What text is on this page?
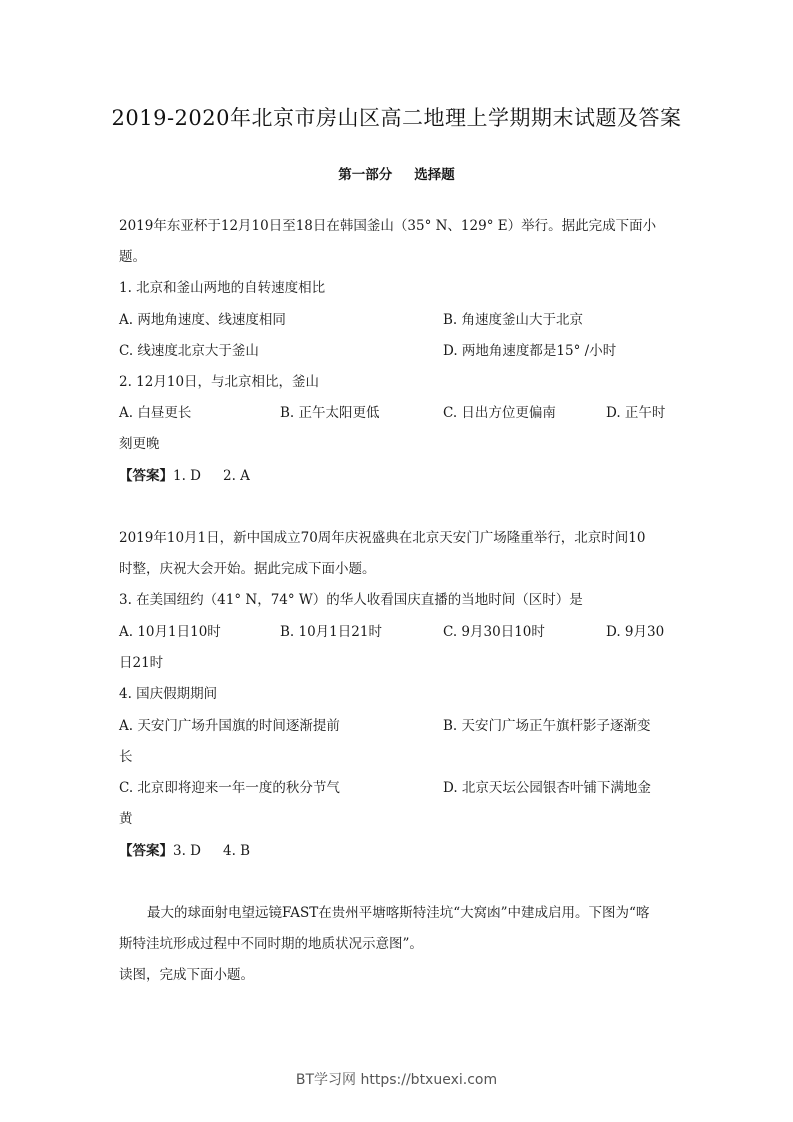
2019-2020年北京市房山区高二地理上学期期末试题及答案
第一部分 选择题
2019年东亚杯于12月10日至18日在韩国釜山（35° N、129° E）举行。据此完成下面小
题。
1. 北京和釜山两地的自转速度相比
A. 两地角速度、线速度相同	B. 角速度釜山大于北京
C. 线速度北京大于釜山	D. 两地角速度都是15° /小时
2. 12月10日，与北京相比，釜山
A. 白昼更长	B. 正午太阳更低	C. 日出方位更偏南	D. 正午时
刻更晚
【答案】1. D 2. A
2019年10月1日，新中国成立70周年庆祝盛典在北京天安门广场隆重举行，北京时间10
时整，庆祝大会开始。据此完成下面小题。
3. 在美国纽约（41° N，74° W）的华人收看国庆直播的当地时间（区时）是
A. 10月1日10时	B. 10月1日21时	C. 9月30日10时	D. 9月30
日21时
4. 国庆假期期间
A. 天安门广场升国旗的时间逐渐提前	B. 天安门广场正午旗杆影子逐渐变
长
C. 北京即将迎来一年一度的秋分节气	D. 北京天坛公园银杏叶铺下满地金
黄
【答案】3. D 4. B
最大的球面射电望远镜FAST在贵州平塘喀斯特洼坑“大窝凼”中建成启用。下图为“喀
斯特洼坑形成过程中不同时期的地质状况示意图”。
读图，完成下面小题。
BT学习网 https://btxuexi.com
